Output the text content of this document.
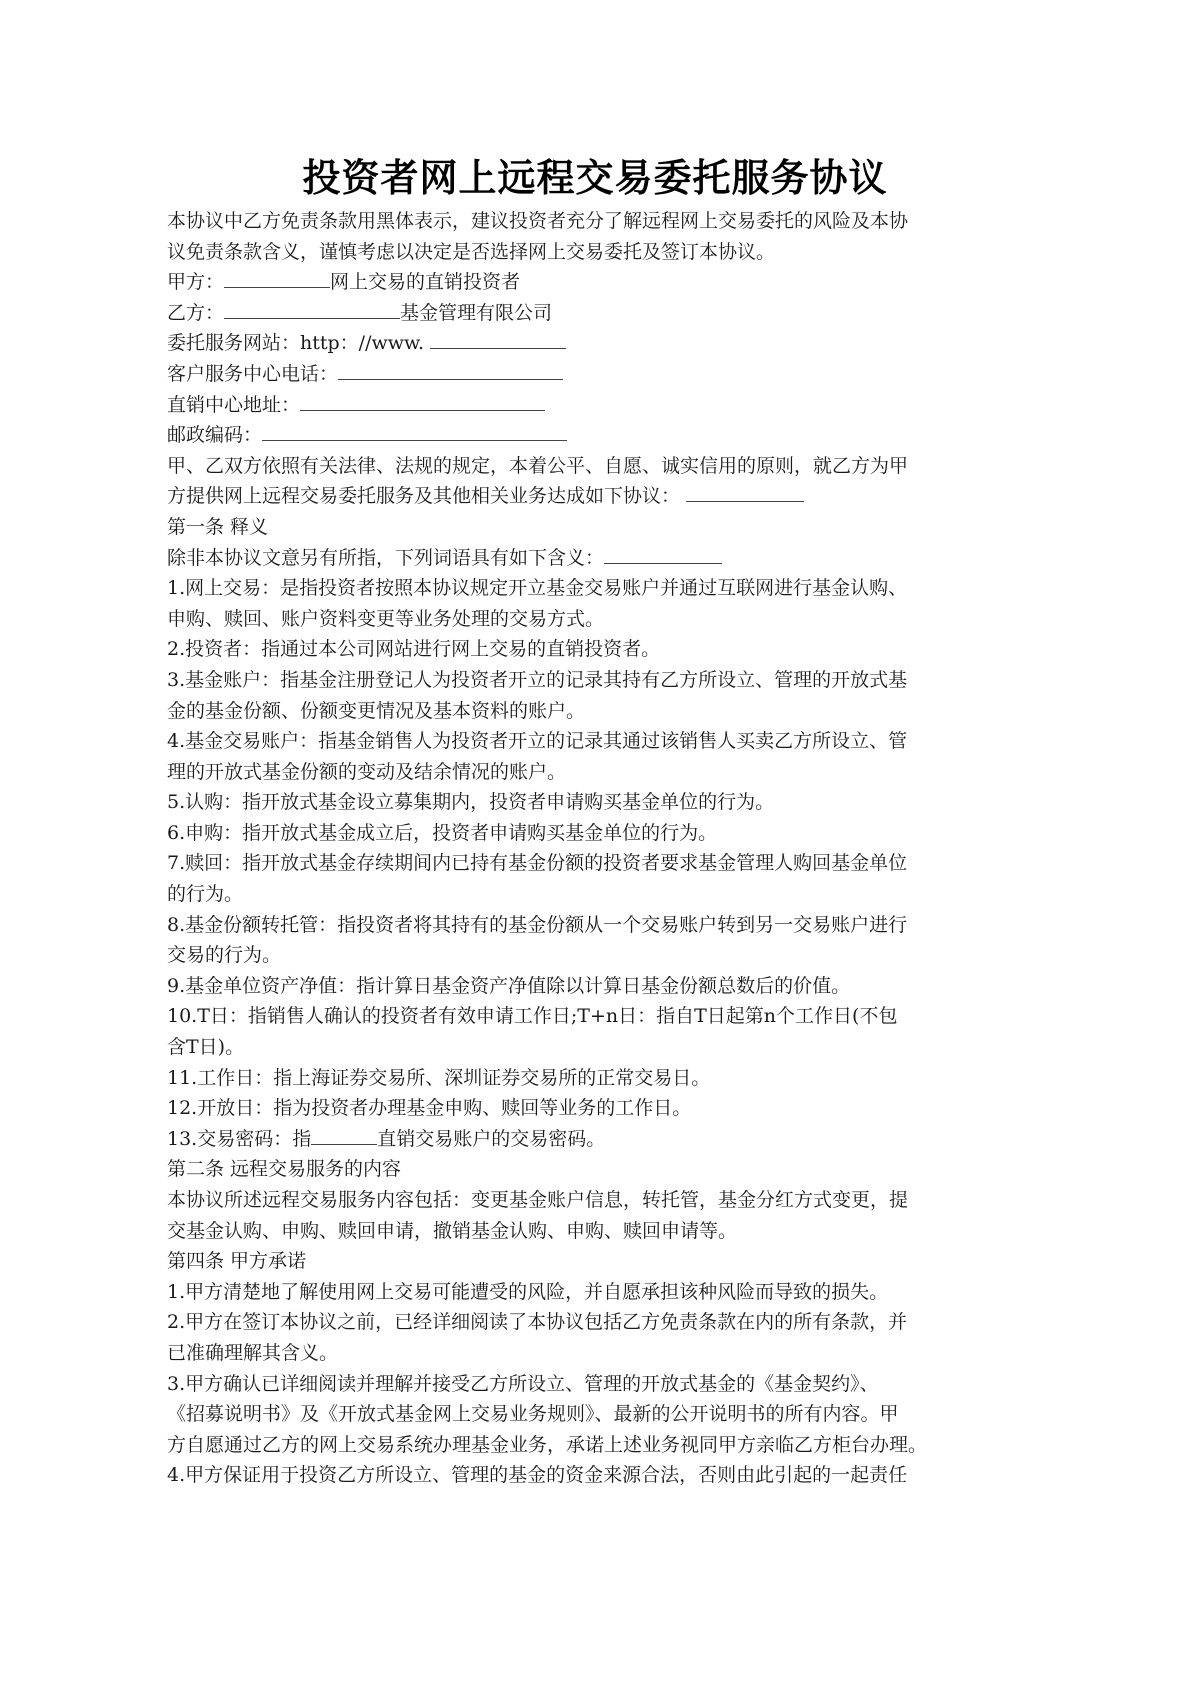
投资者网上远程交易委托服务协议
本协议中乙方免责条款用黑体表示，建议投资者充分了解远程网上交易委托的风险及本协
议免责条款含义，谨慎考虑以决定是否选择网上交易委托及签订本协议。
甲方：	网上交易的直销投资者
乙方：	基金管理有限公司
委托服务网站：http：//www.
客户服务中心电话：
直销中心地址：
邮政编码：
甲、乙双方依照有关法律、法规的规定，本着公平、自愿、诚实信用的原则，就乙方为甲
方提供网上远程交易委托服务及其他相关业务达成如下协议：
第一条 释义
除非本协议文意另有所指，下列词语具有如下含义：
1.网上交易：是指投资者按照本协议规定开立基金交易账户并通过互联网进行基金认购、
申购、赎回、账户资料变更等业务处理的交易方式。
2.投资者：指通过本公司网站进行网上交易的直销投资者。
3.基金账户：指基金注册登记人为投资者开立的记录其持有乙方所设立、管理的开放式基
金的基金份额、份额变更情况及基本资料的账户。
4.基金交易账户：指基金销售人为投资者开立的记录其通过该销售人买卖乙方所设立、管
理的开放式基金份额的变动及结余情况的账户。
5.认购：指开放式基金设立募集期内，投资者申请购买基金单位的行为。
6.申购：指开放式基金成立后，投资者申请购买基金单位的行为。
7.赎回：指开放式基金存续期间内已持有基金份额的投资者要求基金管理人购回基金单位
的行为。
8.基金份额转托管：指投资者将其持有的基金份额从一个交易账户转到另一交易账户进行
交易的行为。
9.基金单位资产净值：指计算日基金资产净值除以计算日基金份额总数后的价值。
10.T日：指销售人确认的投资者有效申请工作日;T+n日：指自T日起第n个工作日(不包
含T日)。
11.工作日：指上海证券交易所、深圳证券交易所的正常交易日。
12.开放日：指为投资者办理基金申购、赎回等业务的工作日。
13.交易密码：指	直销交易账户的交易密码。
第二条 远程交易服务的内容
本协议所述远程交易服务内容包括：变更基金账户信息，转托管，基金分红方式变更，提
交基金认购、申购、赎回申请，撤销基金认购、申购、赎回申请等。
第四条 甲方承诺
1.甲方清楚地了解使用网上交易可能遭受的风险，并自愿承担该种风险而导致的损失。
2.甲方在签订本协议之前，已经详细阅读了本协议包括乙方免责条款在内的所有条款，并
已准确理解其含义。
3.甲方确认已详细阅读并理解并接受乙方所设立、管理的开放式基金的《基金契约》、
《招募说明书》及《开放式基金网上交易业务规则》、最新的公开说明书的所有内容。甲
方自愿通过乙方的网上交易系统办理基金业务，承诺上述业务视同甲方亲临乙方柜台办理。
4.甲方保证用于投资乙方所设立、管理的基金的资金来源合法，否则由此引起的一起责任
